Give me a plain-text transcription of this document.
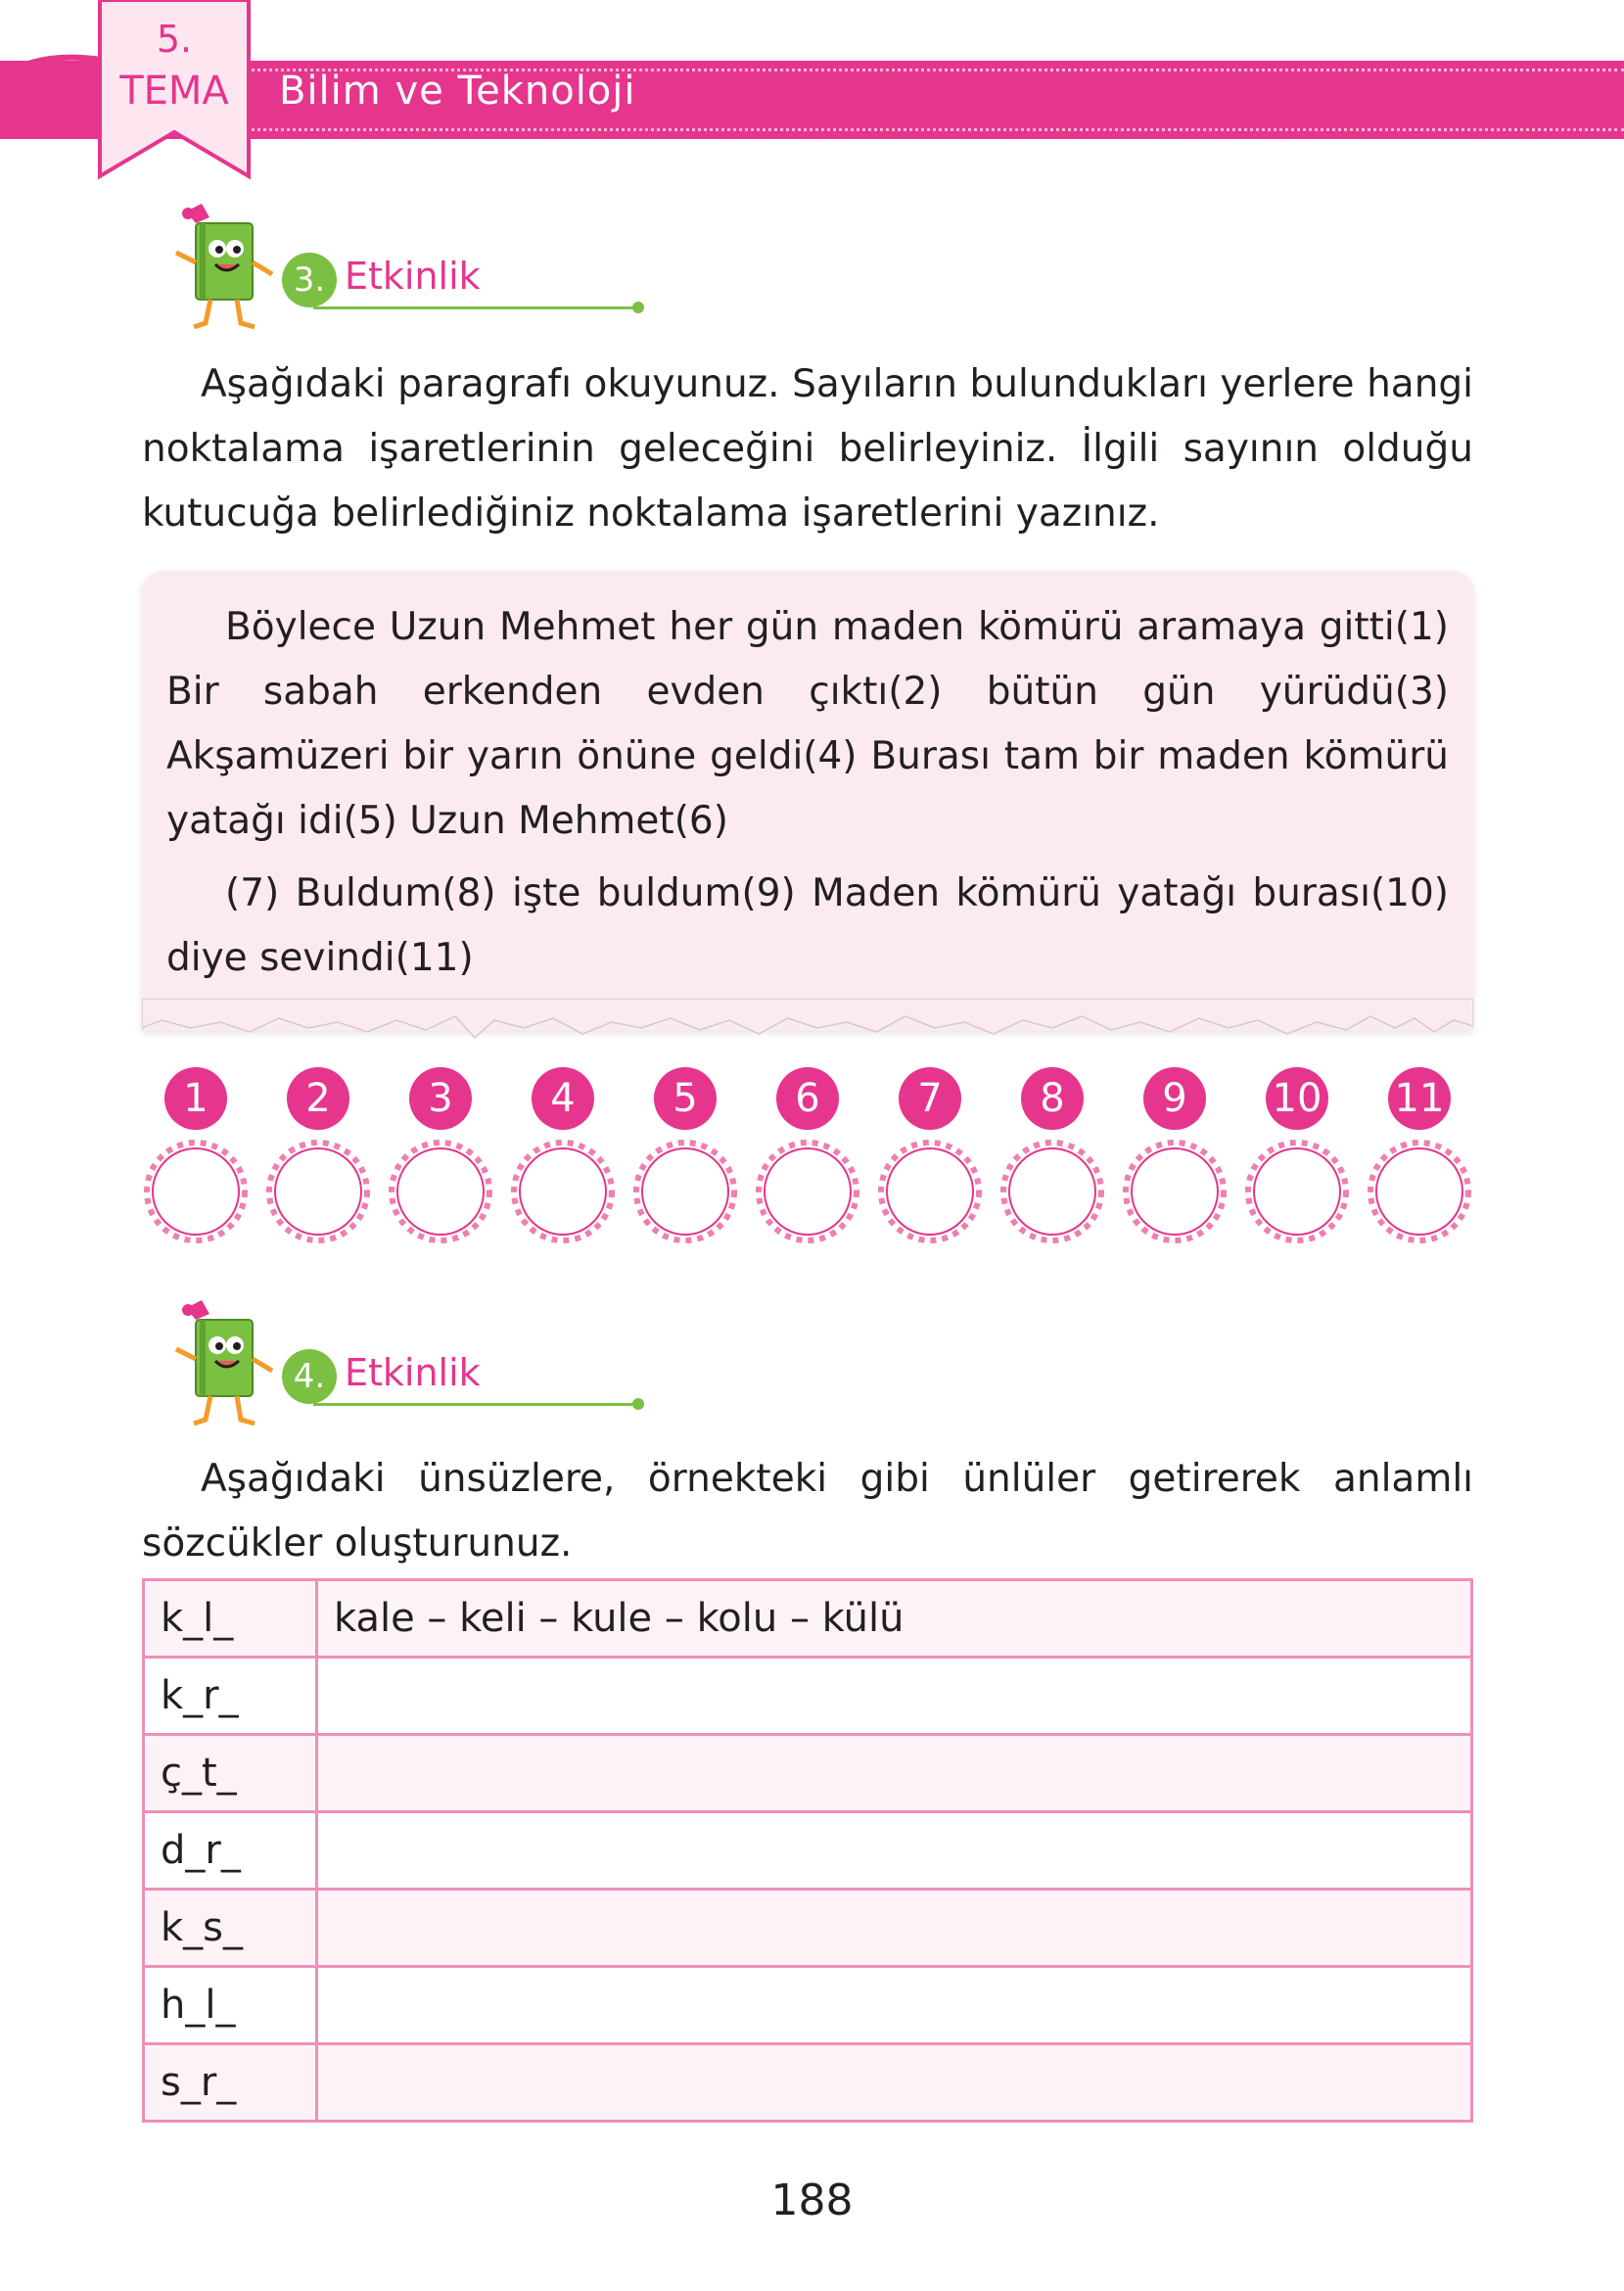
Bilim ve Teknoloji
5.
TEMA
3. Etkinlik
Aşağıdaki paragrafı okuyunuz. Sayıların bulundukları yerlere hangi noktalama işaretlerinin geleceğini belirleyiniz. İlgili sayının olduğu kutucuğa belirlediğiniz noktalama işaretlerini yazınız.

Böylece Uzun Mehmet her gün maden kömürü aramaya gitti(1) Bir sabah erkenden evden çıktı(2) bütün gün yürüdü(3) Akşamüzeri bir yarın önüne geldi(4) Burası tam bir maden kömürü yatağı idi(5) Uzun Mehmet(6)

(7) Buldum(8) işte buldum(9) Maden kömürü yatağı burası(10) diye sevindi(11)

1	2	3	4	5	6	7	8	9	10 11
4. Etkinlik
Aşağıdaki ünsüzlere, örnekteki gibi ünlüler getirerek anlamlı sözcükler oluşturunuz.
k_l_	kale – keli – kule – kolu – külü
k_r_	
ç_t_	
d_r_	
k_s_	
h_l_	
s_r_	
188
